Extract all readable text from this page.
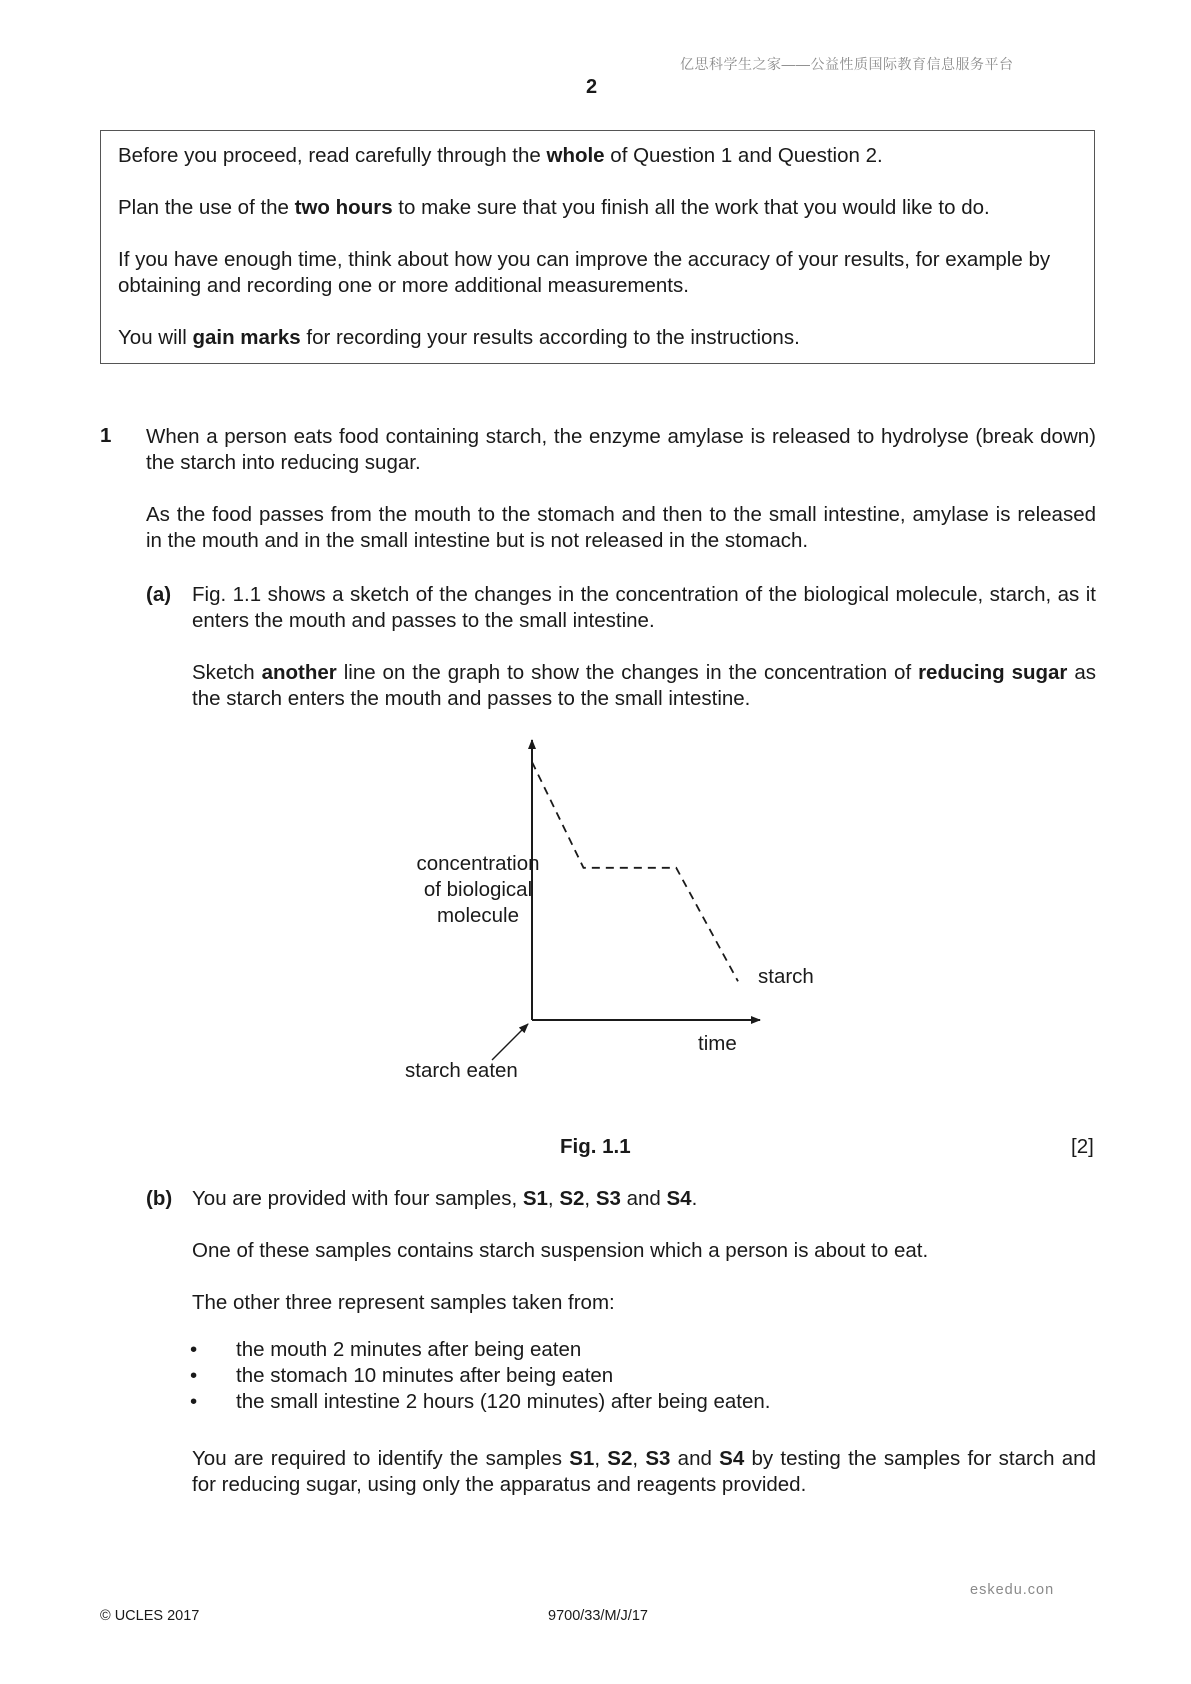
亿思科学生之家——公益性质国际教育信息服务平台
2
Before you proceed, read carefully through the whole of Question 1 and Question 2.
Plan the use of the two hours to make sure that you finish all the work that you would like to do.
If you have enough time, think about how you can improve the accuracy of your results, for example by obtaining and recording one or more additional measurements.
You will gain marks for recording your results according to the instructions.
1 When a person eats food containing starch, the enzyme amylase is released to hydrolyse (break down) the starch into reducing sugar.
As the food passes from the mouth to the stomach and then to the small intestine, amylase is released in the mouth and in the small intestine but is not released in the stomach.
(a) Fig. 1.1 shows a sketch of the changes in the concentration of the biological molecule, starch, as it enters the mouth and passes to the small intestine.
Sketch another line on the graph to show the changes in the concentration of reducing sugar as the starch enters the mouth and passes to the small intestine.
concentration
of biological
molecule
starch
time
starch eaten
Fig. 1.1	[2]
(b) You are provided with four samples, S1, S2, S3 and S4.
One of these samples contains starch suspension which a person is about to eat.
The other three represent samples taken from:
• the mouth 2 minutes after being eaten
• the stomach 10 minutes after being eaten
• the small intestine 2 hours (120 minutes) after being eaten.
You are required to identify the samples S1, S2, S3 and S4 by testing the samples for starch and for reducing sugar, using only the apparatus and reagents provided.
eskedu.con
© UCLES 2017	9700/33/M/J/17
